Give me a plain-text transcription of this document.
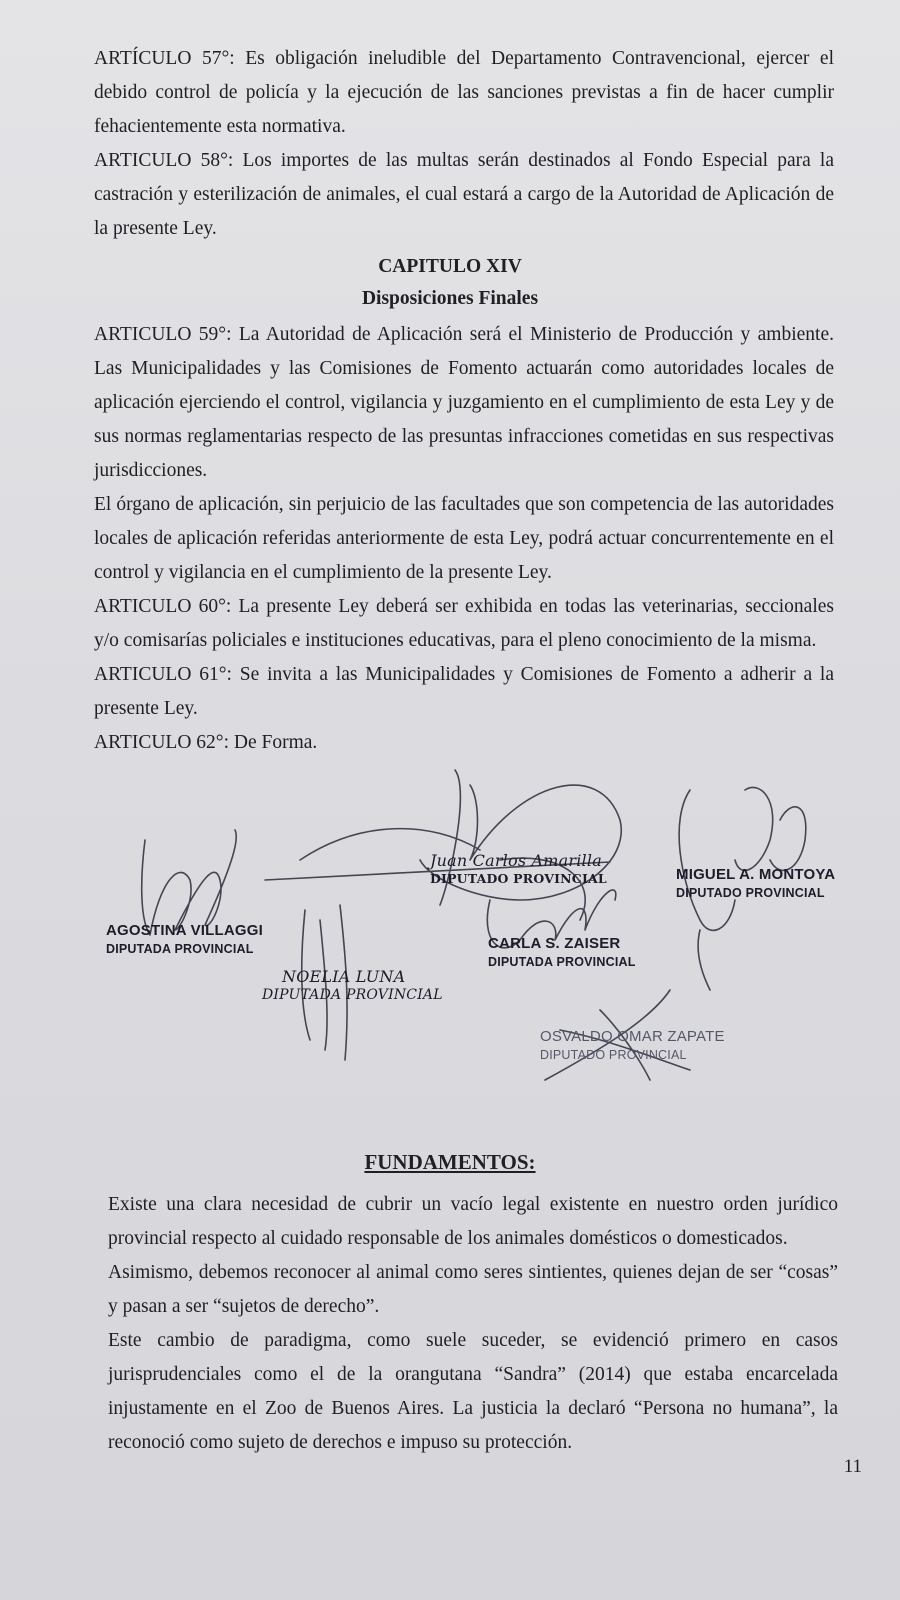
ARTÍCULO 57°: Es obligación ineludible del Departamento Contravencional, ejercer el debido control de policía y la ejecución de las sanciones previstas a fin de hacer cumplir fehacientemente esta normativa.

ARTICULO 58°: Los importes de las multas serán destinados al Fondo Especial para la castración y esterilización de animales, el cual estará a cargo de la Autoridad de Aplicación de la presente Ley.

CAPITULO XIV
Disposiciones Finales

ARTICULO 59°: La Autoridad de Aplicación será el Ministerio de Producción y ambiente. Las Municipalidades y las Comisiones de Fomento actuarán como autoridades locales de aplicación ejerciendo el control, vigilancia y juzgamiento en el cumplimiento de esta Ley y de sus normas reglamentarias respecto de las presuntas infracciones cometidas en sus respectivas jurisdicciones.

El órgano de aplicación, sin perjuicio de las facultades que son competencia de las autoridades locales de aplicación referidas anteriormente de esta Ley, podrá actuar concurrentemente en el control y vigilancia en el cumplimiento de la presente Ley.

ARTICULO 60°: La presente Ley deberá ser exhibida en todas las veterinarias, seccionales y/o comisarías policiales e instituciones educativas, para el pleno conocimiento de la misma.

ARTICULO 61°: Se invita a las Municipalidades y Comisiones de Fomento a adherir a la presente Ley.

ARTICULO 62°: De Forma.

Juan Carlos Amarilla
DIPUTADO PROVINCIAL	MIGUEL A. MONTOYA
DIPUTADO PROVINCIAL
AGOSTINA VILLAGGI
DIPUTADA PROVINCIAL	CARLA S. ZAISER
DIPUTADA PROVINCIAL
NOELIA LUNA
DIPUTADA PROVINCIAL
OSVALDO OMAR ZAPATE
DIPUTADO PROVINCIAL
FUNDAMENTOS:

Existe una clara necesidad de cubrir un vacío legal existente en nuestro orden jurídico provincial respecto al cuidado responsable de los animales domésticos o domesticados.

Asimismo, debemos reconocer al animal como seres sintientes, quienes dejan de ser “cosas” y pasan a ser “sujetos de derecho”.

Este cambio de paradigma, como suele suceder, se evidenció primero en casos jurisprudenciales como el de la orangutana “Sandra” (2014) que estaba encarcelada injustamente en el Zoo de Buenos Aires. La justicia la declaró “Persona no humana”, la reconoció como sujeto de derechos e impuso su protección.

11
